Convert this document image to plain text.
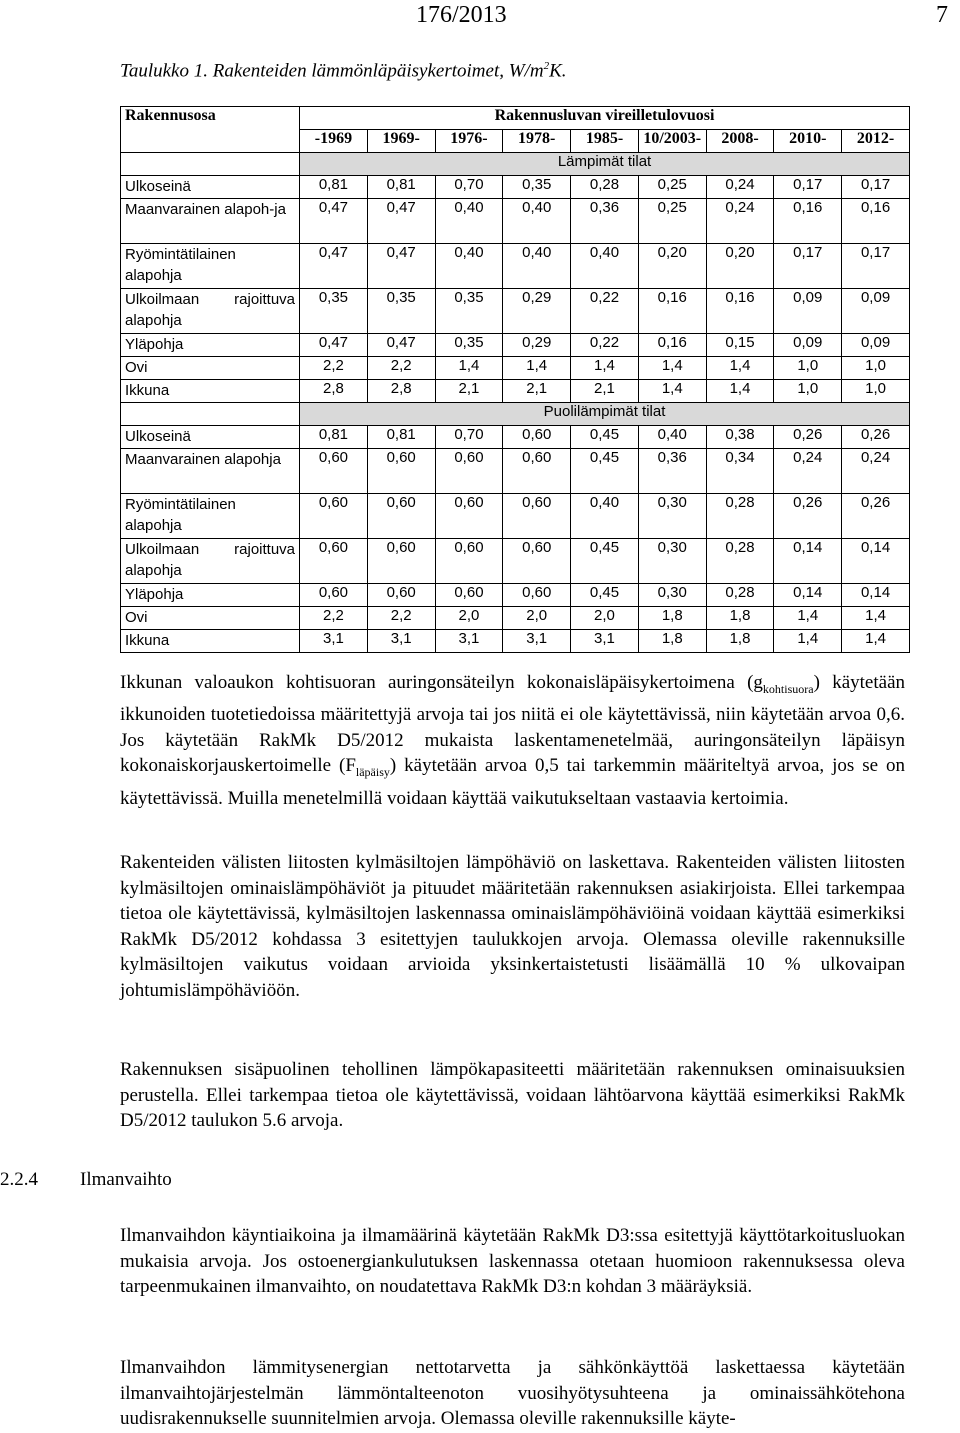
176/2013	7
Taulukko 1. Rakenteiden lämmönläpäisykertoimet, $W/m^2K$.
Rakennusosa	Rakennusluvan vireilletulovuosi								
	-1969	1969-	1976-	1978-	1985-	10/2003-	2008-	2010-	2012-
	Lämpimät tilat								
Ulkoseinä	0,81	0,81	0,70	0,35	0,28	0,25	0,24	0,17	0,17
Maanvarainen alapoh-ja	0,47	0,47	0,40	0,40	0,36	0,25	0,24	0,16	0,16
Ryömintätilainen alapohja	0,47	0,47	0,40	0,40	0,40	0,20	0,20	0,17	0,17
Ulkoilmaan rajoittuva alapohja	0,35	0,35	0,35	0,29	0,22	0,16	0,16	0,09	0,09
Yläpohja	0,47	0,47	0,35	0,29	0,22	0,16	0,15	0,09	0,09
Ovi	2,2	2,2	1,4	1,4	1,4	1,4	1,4	1,0	1,0
Ikkuna	2,8	2,8	2,1	2,1	2,1	1,4	1,4	1,0	1,0
	Puolilämpimät tilat								
Ulkoseinä	0,81	0,81	0,70	0,60	0,45	0,40	0,38	0,26	0,26
Maanvarainen alapohja	0,60	0,60	0,60	0,60	0,45	0,36	0,34	0,24	0,24
Ryömintätilainen alapohja	0,60	0,60	0,60	0,60	0,40	0,30	0,28	0,26	0,26
Ulkoilmaan rajoittuva alapohja	0,60	0,60	0,60	0,60	0,45	0,30	0,28	0,14	0,14
Yläpohja	0,60	0,60	0,60	0,60	0,45	0,30	0,28	0,14	0,14
Ovi	2,2	2,2	2,0	2,0	2,0	1,8	1,8	1,4	1,4
Ikkuna	3,1	3,1	3,1	3,1	3,1	1,8	1,8	1,4	1,4
Ikkunan valoaukon kohtisuoran auringonsäteilyn kokonaisläpäisykertoimena $(g_{kohtisuora})$ käytetään ikkunoiden tuotetiedoissa määritettyjä arvoja tai jos niitä ei ole käytettävissä, niin käytetään arvoa 0,6. Jos käytetään RakMk D5/2012 mukaista laskentamenetelmää, auringonsäteilyn läpäisyn kokonaiskorjauskertoimelle $(F_{läpäisy})$ käytetään arvoa 0,5 tai tarkemmin määriteltyä arvoa, jos se on käytettävissä. Muilla menetelmillä voidaan käyttää vaikutukseltaan vastaavia kertoimia.
Rakenteiden välisten liitosten kylmäsiltojen lämpöhäviö on laskettava. Rakenteiden välisten liitosten kylmäsiltojen ominaislämpöhäviöt ja pituudet määritetään rakennuksen asiakirjoista. Ellei tarkempaa tietoa ole käytettävissä, kylmäsiltojen laskennassa ominaislämpöhäviöinä voidaan käyttää esimerkiksi RakMk D5/2012 kohdassa 3 esitettyjen taulukkojen arvoja. Olemassa oleville rakennuksille kylmäsiltojen vaikutus voidaan arvioida yksinkertaistetusti lisäämällä 10 % ulkovaipan johtumislämpöhäviöön.
Rakennuksen sisäpuolinen tehollinen lämpökapasiteetti määritetään rakennuksen ominaisuuksien perustella. Ellei tarkempaa tietoa ole käytettävissä, voidaan lähtöarvona käyttää esimerkiksi RakMk D5/2012 taulukon 5.6 arvoja.
2.2.4 Ilmanvaihto
Ilmanvaihdon käyntiaikoina ja ilmamäärinä käytetään RakMk D3:ssa esitettyjä käyttötarkoitusluokan mukaisia arvoja. Jos ostoenergiankulutuksen laskennassa otetaan huomioon rakennuksessa oleva tarpeenmukainen ilmanvaihto, on noudatettava RakMk D3:n kohdan 3 määräyksiä.
Ilmanvaihdon lämmitysenergian nettotarvetta ja sähkönkäyttöä laskettaessa käytetään ilmanvaihtojärjestelmän lämmöntalteenoton vuosihyötysuhteena ja ominaissähkötehona uudisrakennukselle suunnitelmien arvoja. Olemassa oleville rakennuksille käyte-
